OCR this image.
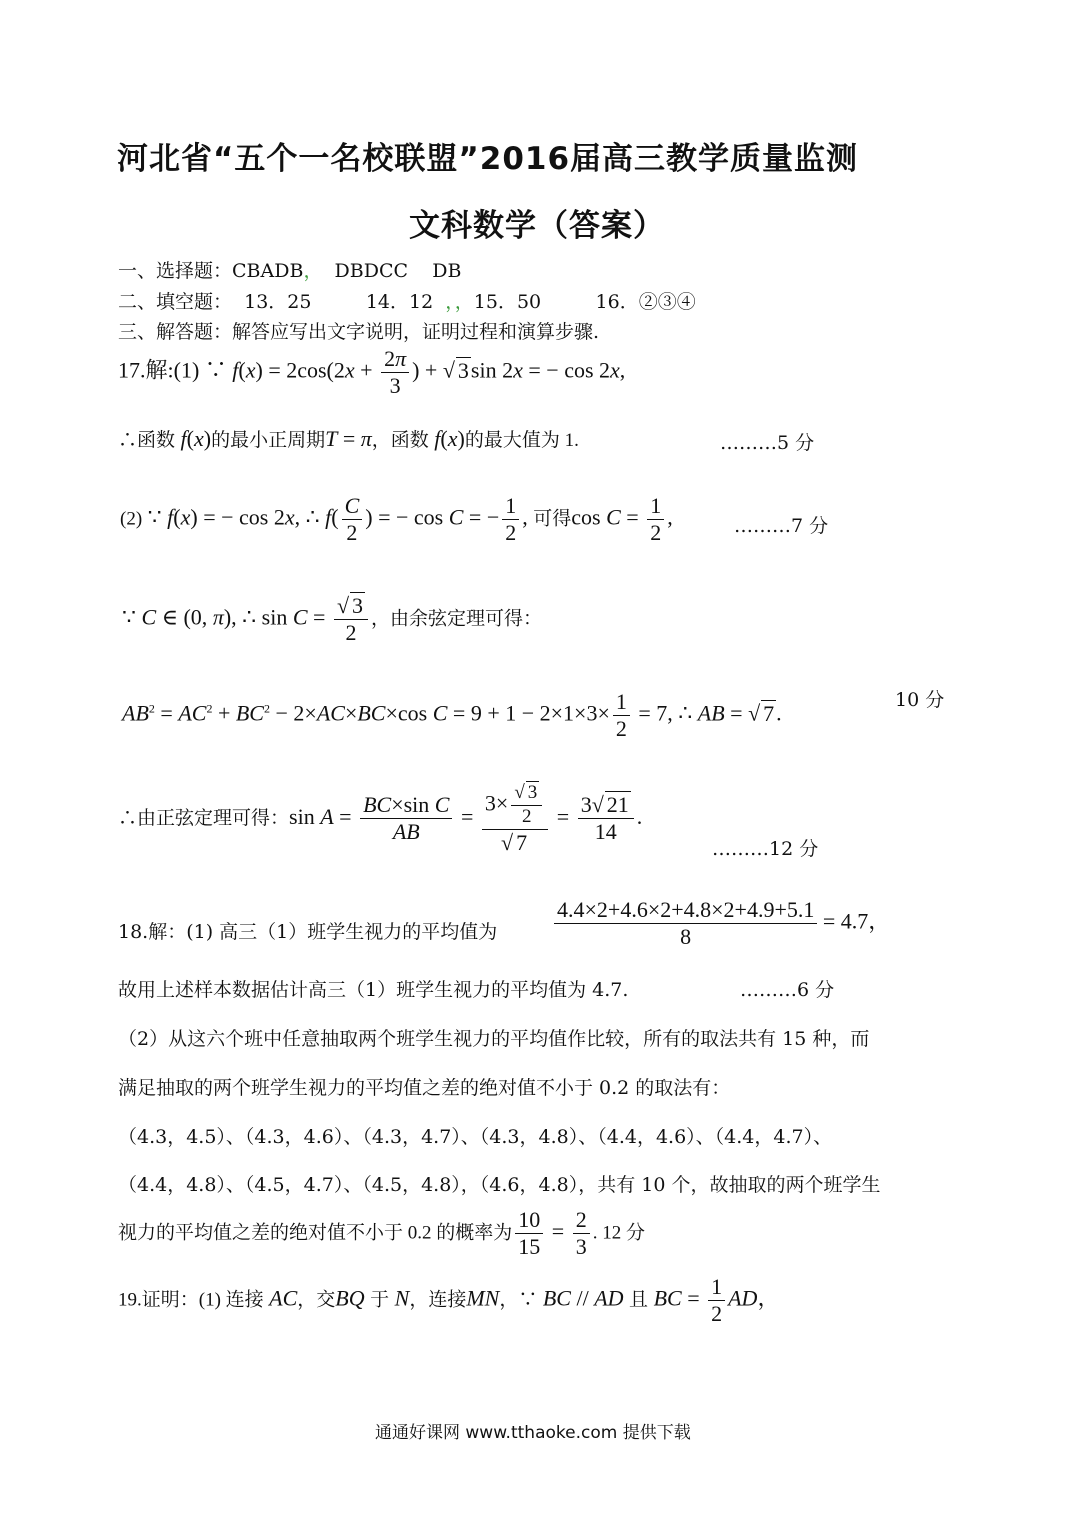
河北省“五个一名校联盟”2016届高三教学质量监测
文科数学（答案）
一、选择题：CBADB， DBDCC DB
二、填空题： 13．25	14．12 ，，15．50	16．②③④
三、解答题：解答应写出文字说明，证明过程和演算步骤.
17.解:(1) ∵ $f(x) = 2\cos(2x + \frac{2\pi}{3}$ ) + √ 3sin 2x = − cos 2x,
∴函数 f(x)的最小正周期T = π，函数 f(x)的最大值为 1.	………5 分
(2) ∵ f(x) = − cos 2x, ∴ $f( \frac{C}{2}$ ) = − cos C = − $\frac{1}{2}$ , 可得$\cos C = \frac{1}{2}$ ,	………7 分
∵ C ∈ (0, π), ∴ $\sin C = \frac{√ 3}{2}$ ，由余弦定理可得：
10 分
$AB^2 = AC^2 + BC^2 - 2\times AC\times BC\times\cos$ $C = 9 + 1 - 2\times 1\times 3\times \frac{1}{2} = 7$, ∴ AB = √ 7.
∴由正弦定理可得：$\sin A = \frac{\text{BC×sin C}}{AB} = \frac{3\times \frac{√ 3}{2}}{√ 7} = \frac{3√ 21}{14}$ .
………12 分
18.解：(1) 高三（1）班学生视力的平均值为	$\frac{4.4\times 2+4.6\times 2+4.8\times 2+4.9+5.1}{8} = 4.7$，
故用上述样本数据估计高三（1）班学生视力的平均值为 4.7.	………6 分
（2）从这六个班中任意抽取两个班学生视力的平均值作比较，所有的取法共有 15 种，而
满足抽取的两个班学生视力的平均值之差的绝对值不小于 0.2 的取法有：
（4.3，4.5）、（4.3，4.6）、（4.3，4.7）、（4.3，4.8）、（4.4，4.6）、（4.4，4.7）、
（4.4，4.8）、（4.5，4.7）、（4.5，4.8），（4.6，4.8），共有 10 个，故抽取的两个班学生
视力的平均值之差的绝对值不小于 0.2 的概率为 $\frac{10}{15} = \frac{2}{3}$ . 12 分
19.证明：(1) 连接 AC，交BQ 于 N，连接MN，∵ BC // AD 且 BC = $\frac{1}{2}$ AD，
通通好课网 www.tthaoke.com 提供下载
